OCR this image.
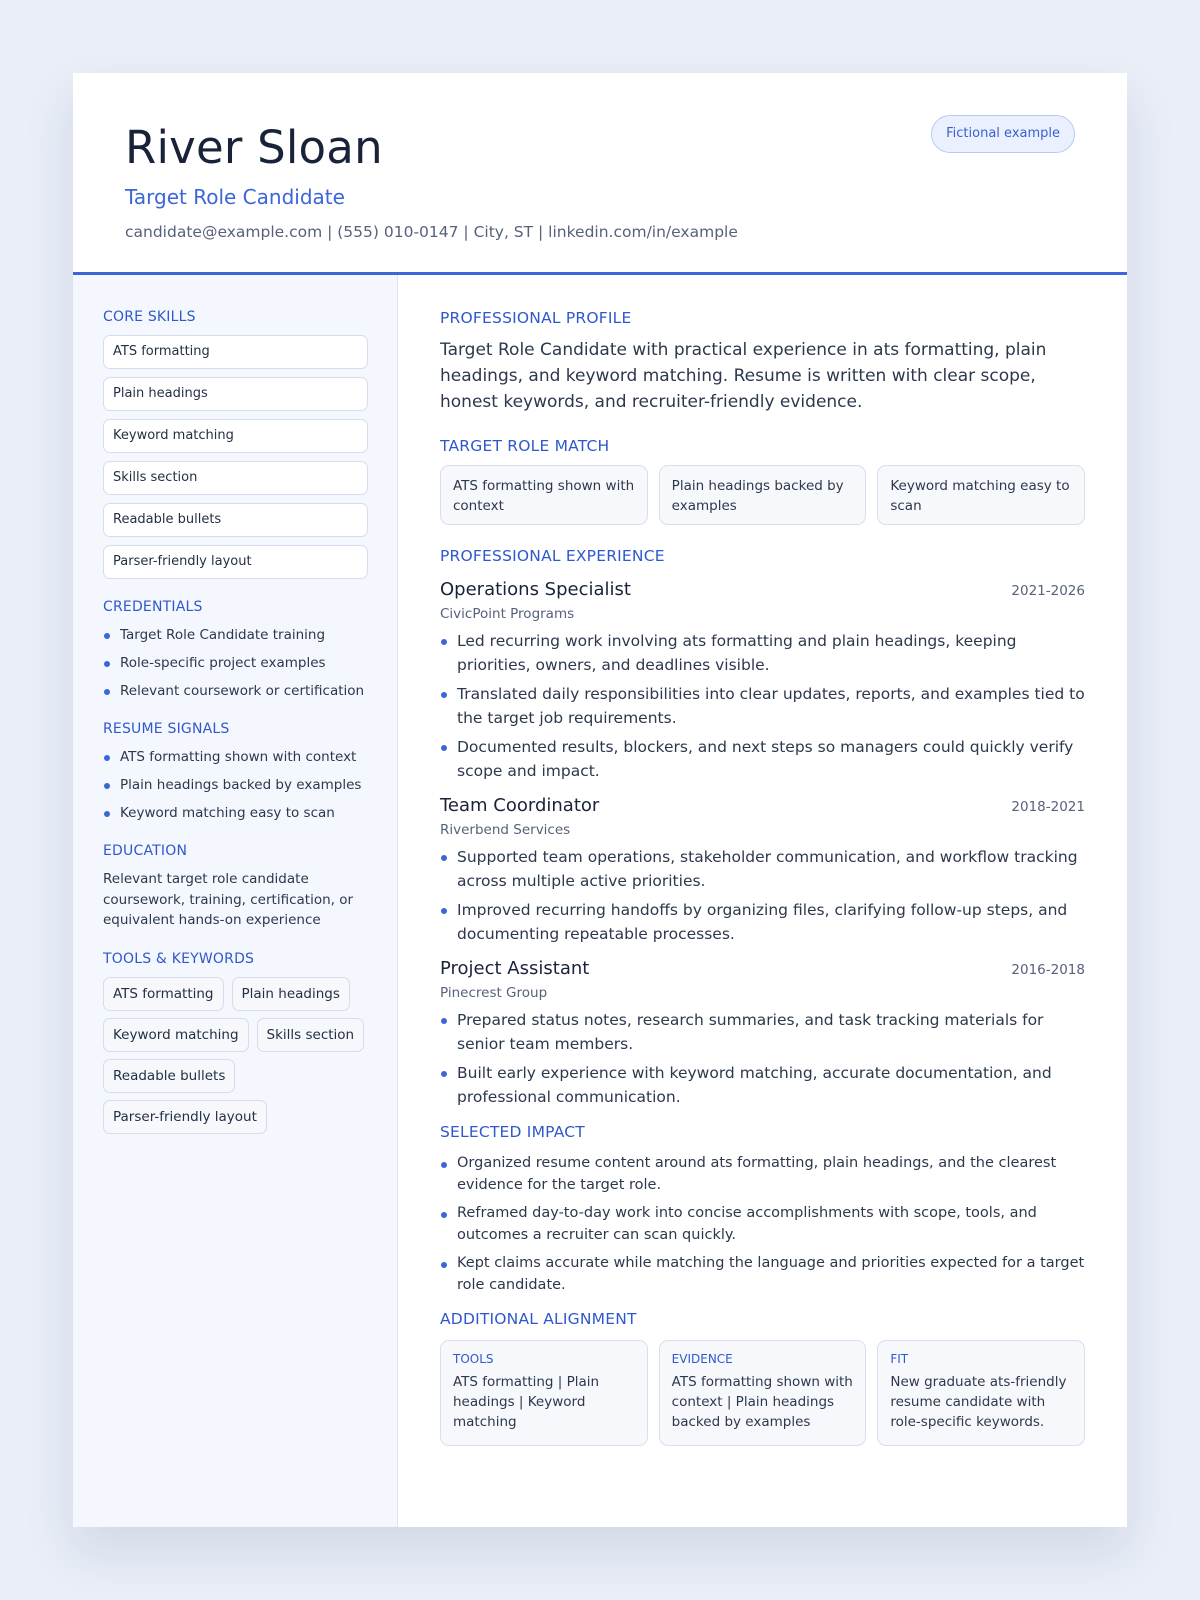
River Sloan
Target Role Candidate
candidate@example.com | (555) 010-0147 | City, ST | linkedin.com/in/example
Fictional example
CORE SKILLS
ATS formatting
Plain headings
Keyword matching
Skills section
Readable bullets
Parser-friendly layout
CREDENTIALS
Target Role Candidate training
Role-specific project examples
Relevant coursework or certification
RESUME SIGNALS
ATS formatting shown with context
Plain headings backed by examples
Keyword matching easy to scan
EDUCATION
Relevant target role candidate coursework, training, certification, or equivalent hands-on experience
TOOLS & KEYWORDS
ATS formatting	Plain headings
Keyword matching	Skills section
Readable bullets
Parser-friendly layout
PROFESSIONAL PROFILE

Target Role Candidate with practical experience in ats formatting, plain headings, and keyword matching. Resume is written with clear scope, honest keywords, and recruiter-friendly evidence.

TARGET ROLE MATCH
ATS formatting shown with context
Plain headings backed by examples
Keyword matching easy to scan
PROFESSIONAL EXPERIENCE
Operations Specialist	2021-2026
CivicPoint Programs
Led recurring work involving ats formatting and plain headings, keeping priorities, owners, and deadlines visible.
Translated daily responsibilities into clear updates, reports, and examples tied to the target job requirements.
Documented results, blockers, and next steps so managers could quickly verify scope and impact.
Team Coordinator	2018-2021
Riverbend Services
Supported team operations, stakeholder communication, and workflow tracking across multiple active priorities.
Improved recurring handoffs by organizing files, clarifying follow-up steps, and documenting repeatable processes.
Project Assistant	2016-2018
Pinecrest Group
Prepared status notes, research summaries, and task tracking materials for senior team members.
Built early experience with keyword matching, accurate documentation, and professional communication.
SELECTED IMPACT
Organized resume content around ats formatting, plain headings, and the clearest evidence for the target role.
Reframed day-to-day work into concise accomplishments with scope, tools, and outcomes a recruiter can scan quickly.
Kept claims accurate while matching the language and priorities expected for a target role candidate.
ADDITIONAL ALIGNMENT
TOOLS
ATS formatting | Plain headings | Keyword matching
EVIDENCE
ATS formatting shown with context | Plain headings backed by examples
FIT
New graduate ats-friendly resume candidate with role-specific keywords.
